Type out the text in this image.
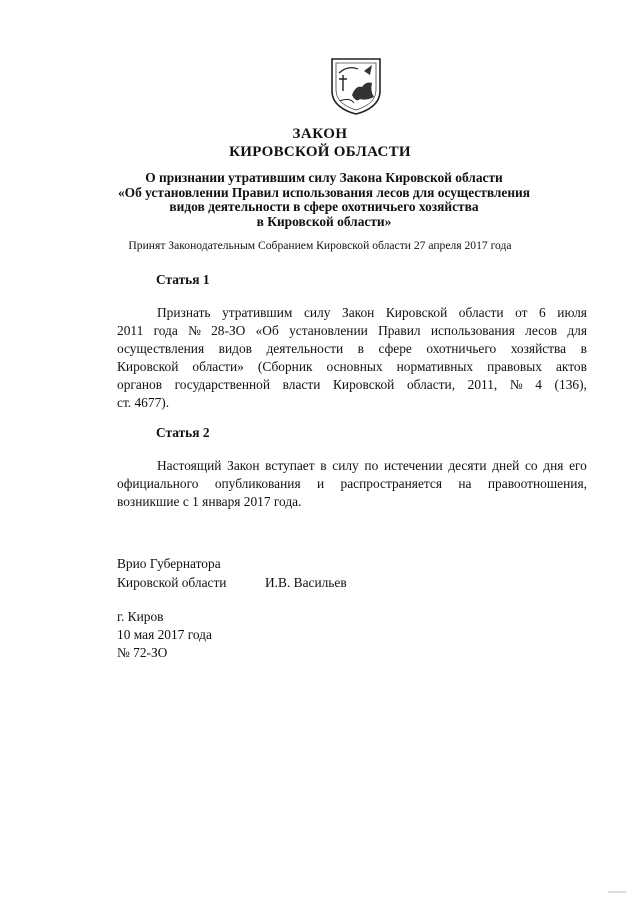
ЗАКОН
КИРОВСКОЙ ОБЛАСТИ
О признании утратившим силу Закона Кировской области
«Об установлении Правил использования лесов для осуществления
видов деятельности в сфере охотничьего хозяйства
в Кировской области»
Принят Законодательным Собранием Кировской области 27 апреля 2017 года
Статья 1
Признать утратившим силу Закон Кировской области от 6 июля
2011 года № 28-ЗО «Об установлении Правил использования лесов для
осуществления видов деятельности в сфере охотничьего хозяйства в
Кировской области» (Сборник основных нормативных правовых актов
органов государственной власти Кировской области, 2011, № 4 (136),
ст. 4677).
Статья 2
Настоящий Закон вступает в силу по истечении десяти дней со дня его
официального опубликования и распространяется на правоотношения,
возникшие с 1 января 2017 года.
Врио Губернатора
Кировской области	И.В. Васильев
г. Киров
10 мая 2017 года
№ 72-ЗО
